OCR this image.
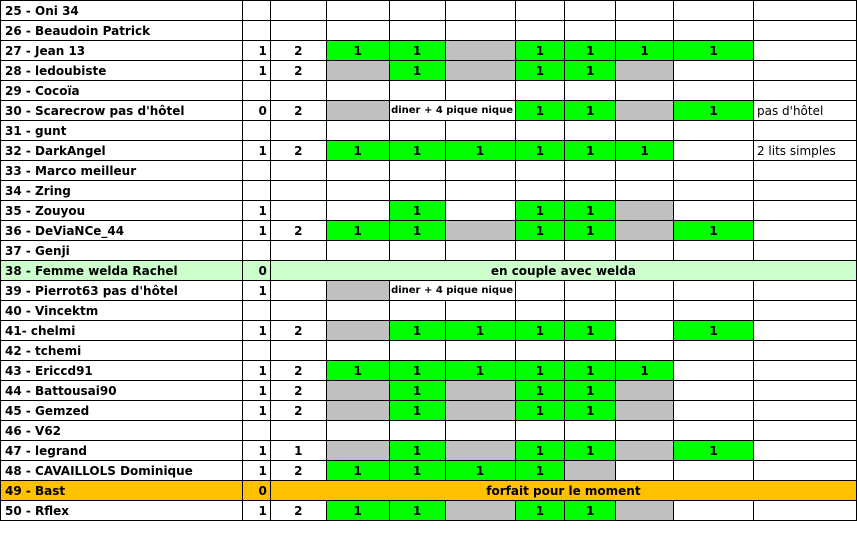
25 - Oni 34										
26 - Beaudoin Patrick										
27 - Jean 13	1	2	1	1		1	1	1	1	
28 - ledoubiste	1	2		1		1	1			
29 - Cocoïa										
30 - Scarecrow pas d'hôtel	0	2		diner + 4 pique nique		1	1		1	pas d'hôtel
31 - gunt										
32 - DarkAngel	1	2	1	1	1	1	1	1		2 lits simples
33 - Marco meilleur										
34 - Zring										
35 - Zouyou	1			1		1	1			
36 - DeViaNCe_44	1	2	1	1		1	1		1	
37 - Genji										
38 - Femme welda Rachel	0	en couple avec welda								
39 - Pierrot63 pas d'hôtel	1			diner + 4 pique nique						
40 - Vincektm										
41- chelmi	1	2		1	1	1	1		1	
42 - tchemi										
43 - Ericcd91	1	2	1	1	1	1	1	1		
44 - Battousai90	1	2		1		1	1			
45 - Gemzed	1	2		1		1	1			
46 - V62										
47 - legrand	1	1		1		1	1		1	
48 - CAVAILLOLS Dominique	1	2	1	1	1	1				
49 - Bast	0	forfait pour le moment								
50 - Rflex	1	2	1	1		1	1			
